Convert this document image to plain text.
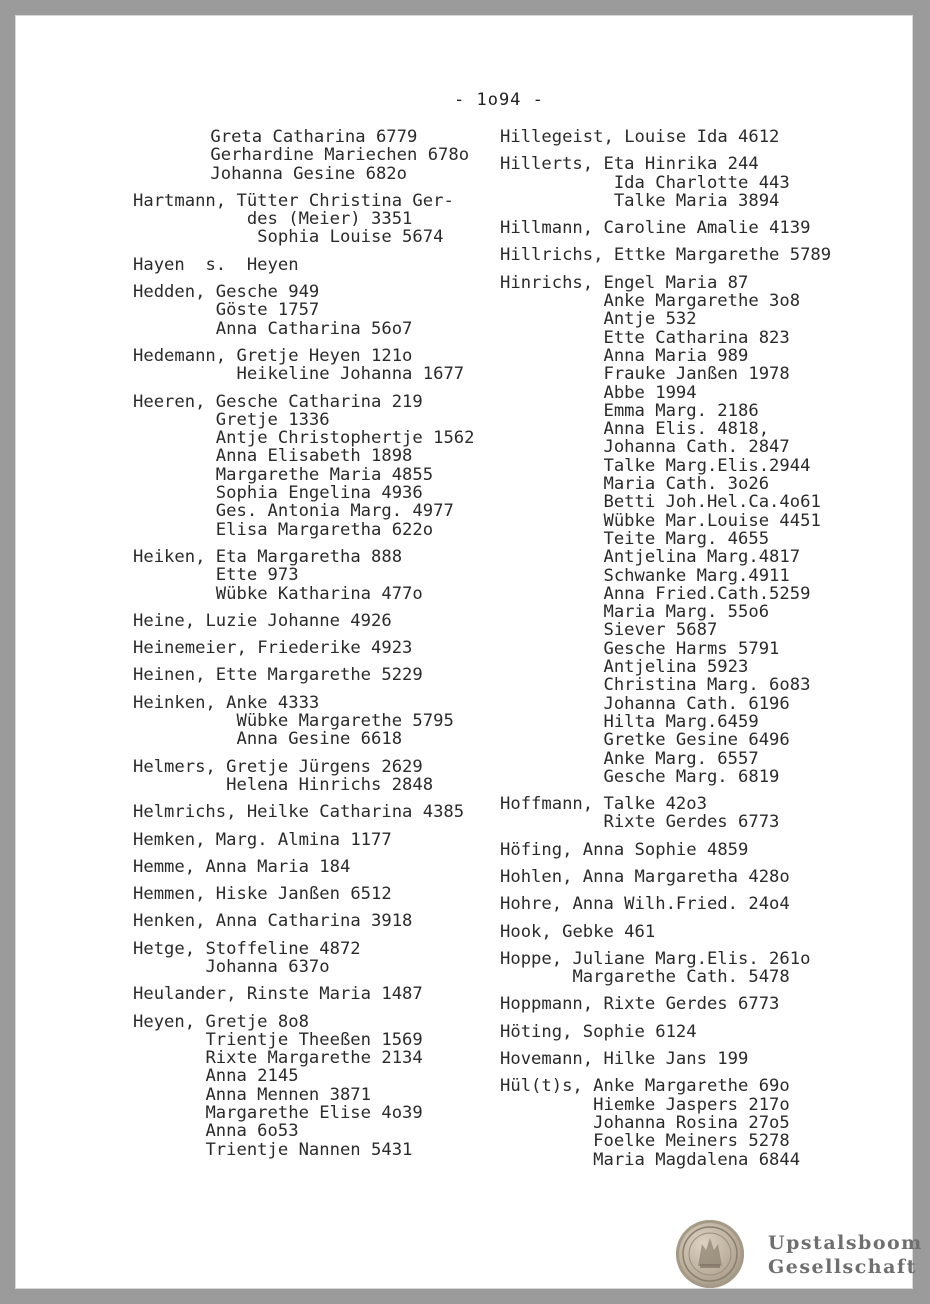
- 1o94 -
Greta Catharina 6779
Gerhardine Mariechen 678o
Johanna Gesine 682o
Hartmann, Tütter Christina Ger-
des (Meier) 3351
Sophia Louise 5674
Hayen s.  Heyen
Hedden, Gesche 949
Göste 1757
Anna Catharina 56o7
Hedemann, Gretje Heyen 121o
Heikeline Johanna 1677
Heeren, Gesche Catharina 219
Gretje 1336
Antje Christophertje 1562
Anna Elisabeth 1898
Margarethe Maria 4855
Sophia Engelina 4936
Ges. Antonia Marg. 4977
Elisa Margaretha 622o
Heiken, Eta Margaretha 888
Ette 973
Wübke Katharina 477o
Heine, Luzie Johanne 4926
Heinemeier, Friederike 4923
Heinen, Ette Margarethe 5229
Heinken, Anke 4333
Wübke Margarethe 5795
Anna Gesine 6618
Helmers, Gretje Jürgens 2629
Helena Hinrichs 2848
Helmrichs, Heilke Catharina 4385
Hemken, Marg. Almina 1177
Hemme, Anna Maria 184
Hemmen, Hiske Janßen 6512
Henken, Anna Catharina 3918
Hetge, Stoffeline 4872
Johanna 637o
Heulander, Rinste Maria 1487
Heyen, Gretje 8o8
Trientje Theeßen 1569
Rixte Margarethe 2134
Anna 2145
Anna Mennen 3871
Margarethe Elise 4o39
Anna 6o53
Trientje Nannen 5431
Hillegeist, Louise Ida 4612
Hillerts, Eta Hinrika 244
Ida Charlotte 443
Talke Maria 3894
Hillmann, Caroline Amalie 4139
Hillrichs, Ettke Margarethe 5789
Hinrichs, Engel Maria 87
Anke Margarethe 3o8
Antje 532
Ette Catharina 823
Anna Maria 989
Frauke Janßen 1978
Abbe 1994
Emma Marg. 2186
Anna Elis. 4818,
Johanna Cath. 2847
Talke Marg.Elis.2944
Maria Cath. 3o26
Betti Joh.Hel.Ca.4o61
Wübke Mar.Louise 4451
Teite Marg. 4655
Antjelina Marg.4817
Schwanke Marg.4911
Anna Fried.Cath.5259
Maria Marg. 55o6
Siever 5687
Gesche Harms 5791
Antjelina 5923
Christina Marg. 6o83
Johanna Cath. 6196
Hilta Marg.6459
Gretke Gesine 6496
Anke Marg. 6557
Gesche Marg. 6819
Hoffmann, Talke 42o3
Rixte Gerdes 6773
Höfing, Anna Sophie 4859
Hohlen, Anna Margaretha 428o
Hohre, Anna Wilh.Fried. 24o4
Hook, Gebke 461
Hoppe, Juliane Marg.Elis. 261o
Margarethe Cath. 5478
Hoppmann, Rixte Gerdes 6773
Höting, Sophie 6124
Hovemann, Hilke Jans 199
Hül(t)s, Anke Margarethe 69o
Hiemke Jaspers 217o
Johanna Rosina 27o5
Foelke Meiners 5278
Maria Magdalena 6844
Upstalsboom
Gesellschaft
